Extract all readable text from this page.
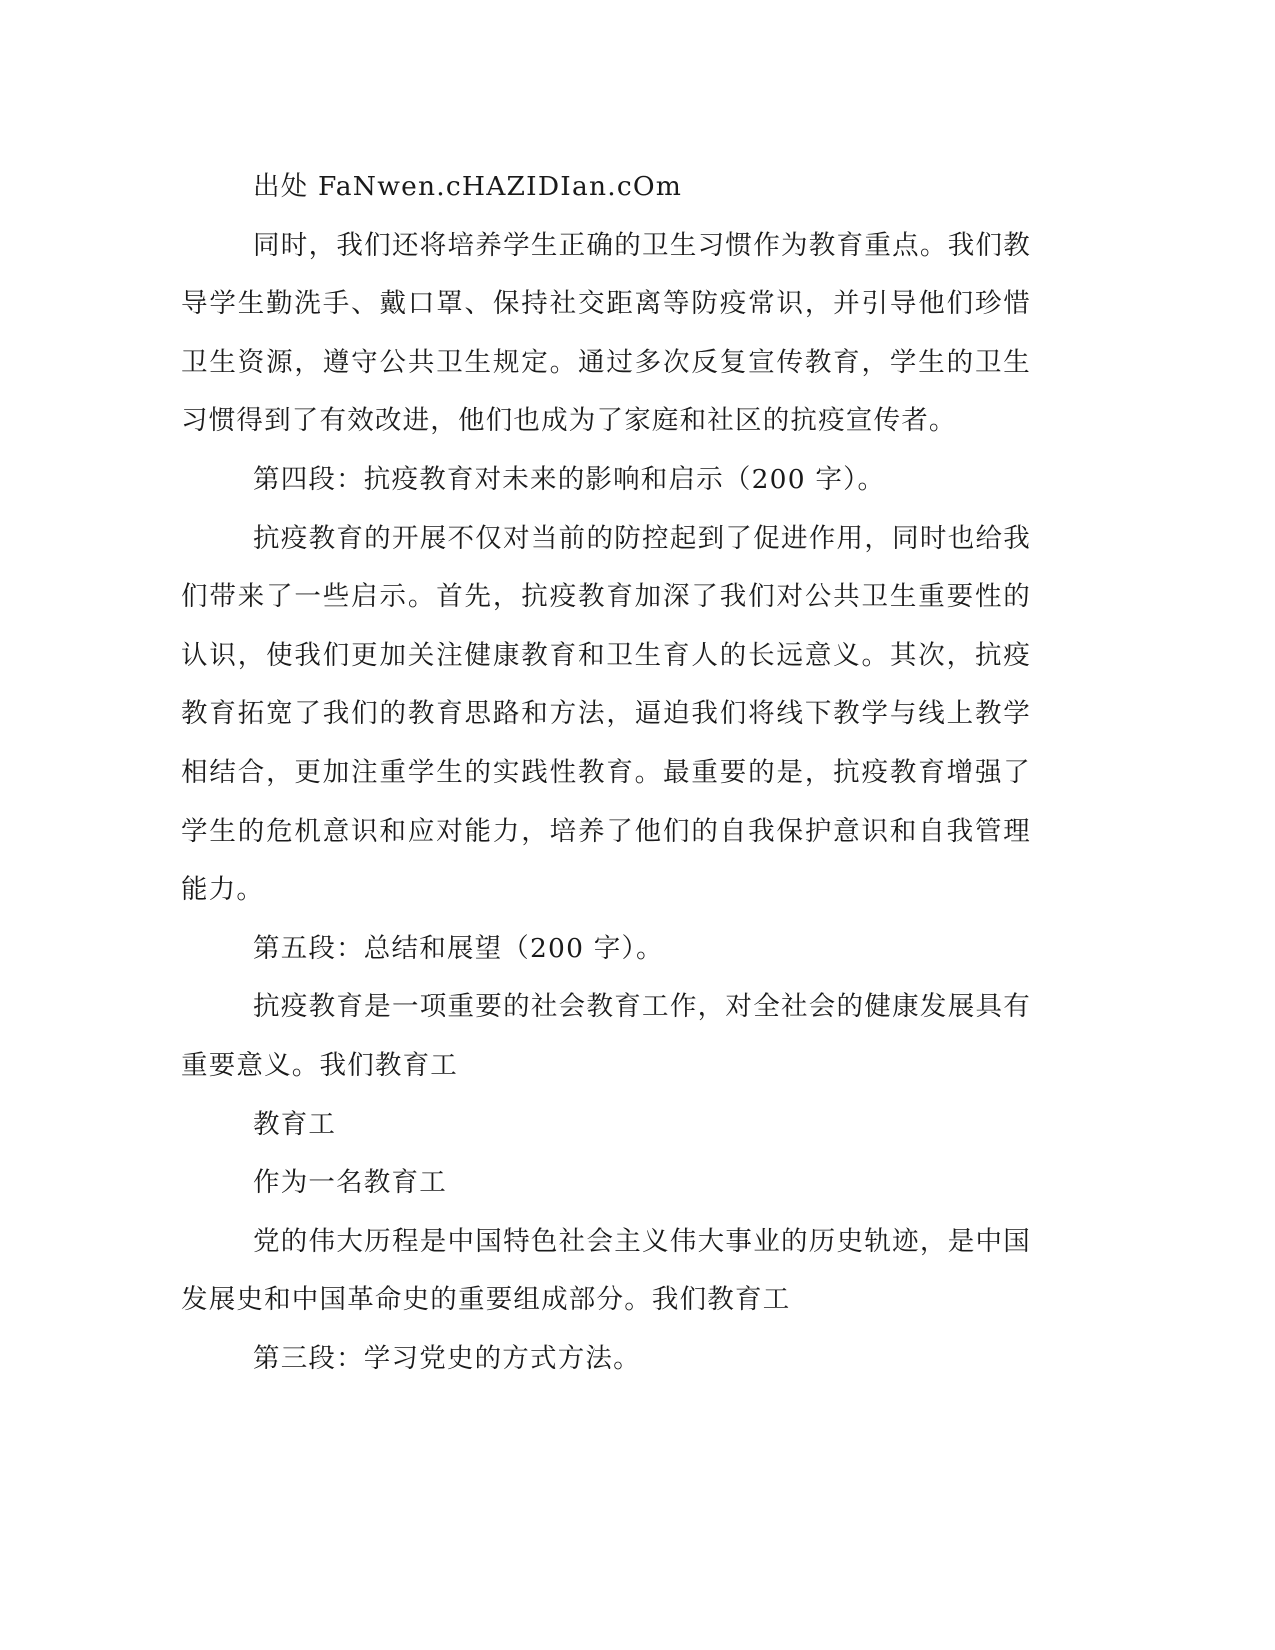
出处 FaNwen.cHAZIDIan.cOm

同时，我们还将培养学生正确的卫生习惯作为教育重点。我们教导学生勤洗手、戴口罩、保持社交距离等防疫常识，并引导他们珍惜卫生资源，遵守公共卫生规定。通过多次反复宣传教育，学生的卫生习惯得到了有效改进，他们也成为了家庭和社区的抗疫宣传者。

第四段：抗疫教育对未来的影响和启示（200 字）。

抗疫教育的开展不仅对当前的防控起到了促进作用，同时也给我们带来了一些启示。首先，抗疫教育加深了我们对公共卫生重要性的认识，使我们更加关注健康教育和卫生育人的长远意义。其次，抗疫教育拓宽了我们的教育思路和方法，逼迫我们将线下教学与线上教学相结合，更加注重学生的实践性教育。最重要的是，抗疫教育增强了学生的危机意识和应对能力，培养了他们的自我保护意识和自我管理能力。

第五段：总结和展望（200 字）。

抗疫教育是一项重要的社会教育工作，对全社会的健康发展具有重要意义。我们教育工

教育工

作为一名教育工

党的伟大历程是中国特色社会主义伟大事业的历史轨迹，是中国发展史和中国革命史的重要组成部分。我们教育工

第三段：学习党史的方式方法。
